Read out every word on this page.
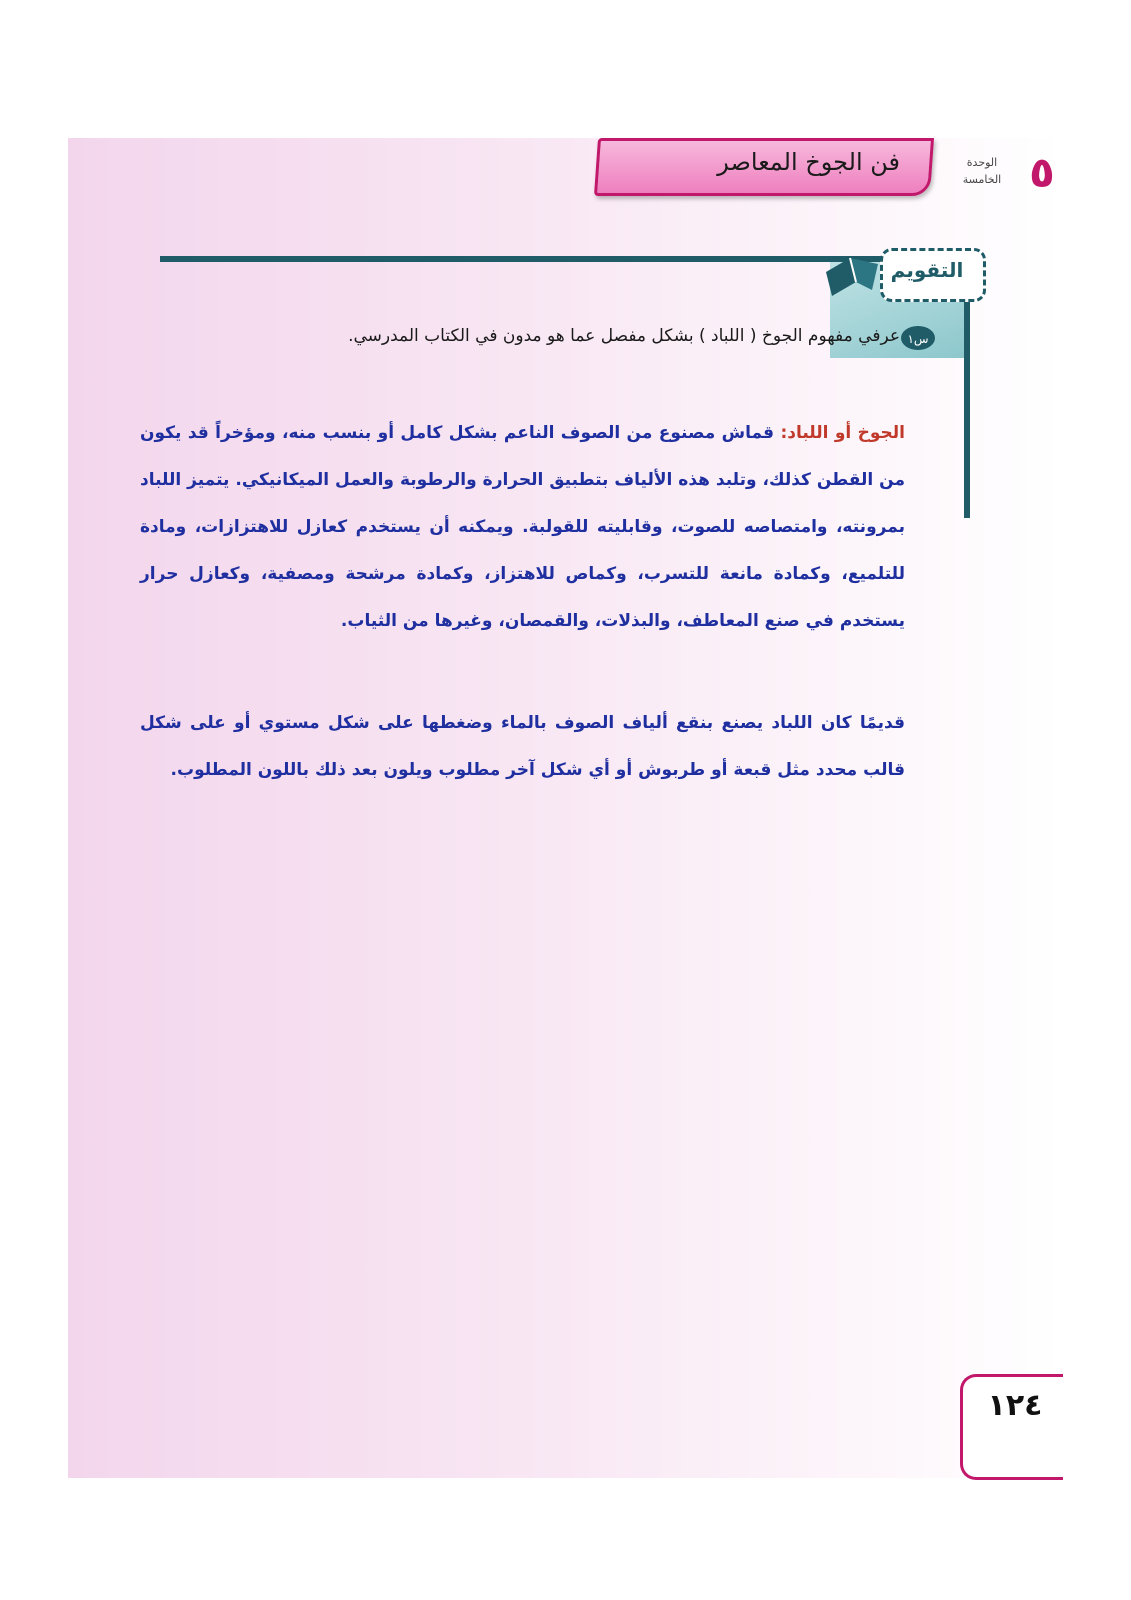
فن الجوخ المعاصر	الوحدة
الخامسة ٥
التقويم
س١
عرفي مفهوم الجوخ ( اللباد ) بشكل مفصل عما هو مدون في الكتاب المدرسي.
الجوخ أو اللباد: قماش مصنوع من الصوف الناعم بشكل كامل أو بنسب منه، ومؤخراً قد يكون من القطن كذلك، وتلبد هذه الألياف بتطبيق الحرارة والرطوبة والعمل الميكانيكي. يتميز اللباد بمرونته، وامتصاصه للصوت، وقابليته للقولبة. ويمكنه أن يستخدم كعازل للاهتزازات، ومادة للتلميع، وكمادة مانعة للتسرب، وكماص للاهتزاز، وكمادة مرشحة ومصفية، وكعازل حرار يستخدم في صنع المعاطف، والبذلات، والقمصان، وغيرها من الثياب.
قديمًا كان اللباد يصنع بنقع ألياف الصوف بالماء وضغطها على شكل مستوي أو على شكل قالب محدد مثل قبعة أو طربوش أو أي شكل آخر مطلوب ويلون بعد ذلك باللون المطلوب.
١٢٤
